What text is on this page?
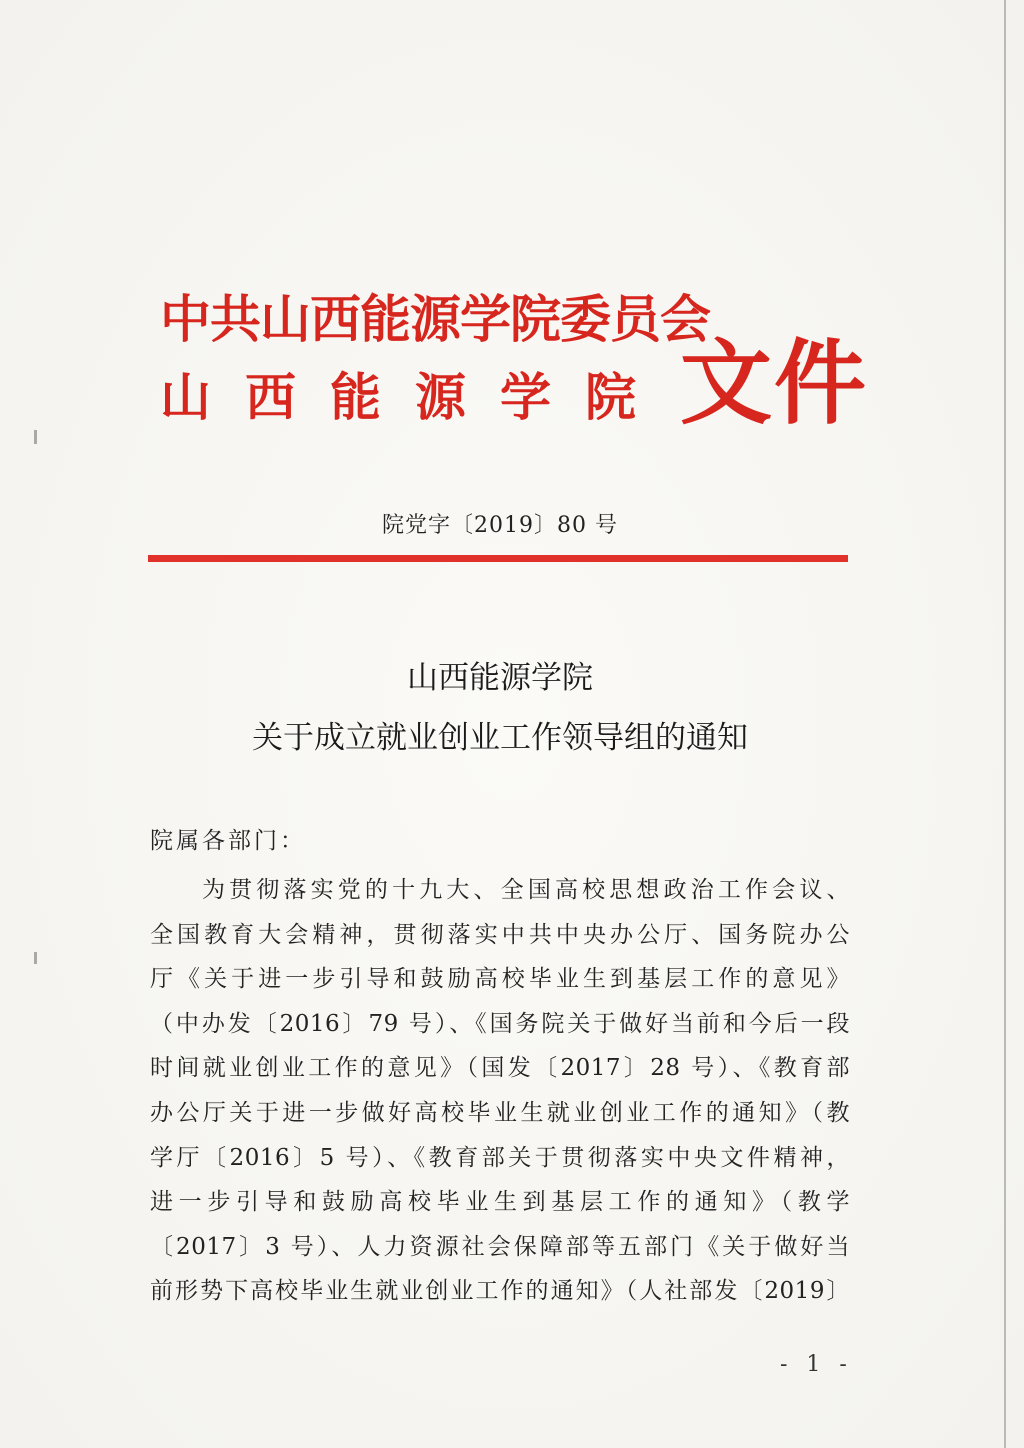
中共山西能源学院委员会
山西能源学院 文件
院党字〔2019〕80 号
山西能源学院
关于成立就业创业工作领导组的通知
院属各部门：
为贯彻落实党的十九大、全国高校思想政治工作会议、
全国教育大会精神，贯彻落实中共中央办公厅、国务院办公
厅《关于进一步引导和鼓励高校毕业生到基层工作的意见》
（中办发〔2016〕79 号）、《国务院关于做好当前和今后一段
时间就业创业工作的意见》（国发〔2017〕28 号）、《教育部
办公厅关于进一步做好高校毕业生就业创业工作的通知》（教
学厅〔2016〕5 号）、《教育部关于贯彻落实中央文件精神，
进一步引导和鼓励高校毕业生到基层工作的通知》（教学
〔2017〕3 号）、人力资源社会保障部等五部门《关于做好当
前形势下高校毕业生就业创业工作的通知》（人社部发〔2019〕
- 1 -
